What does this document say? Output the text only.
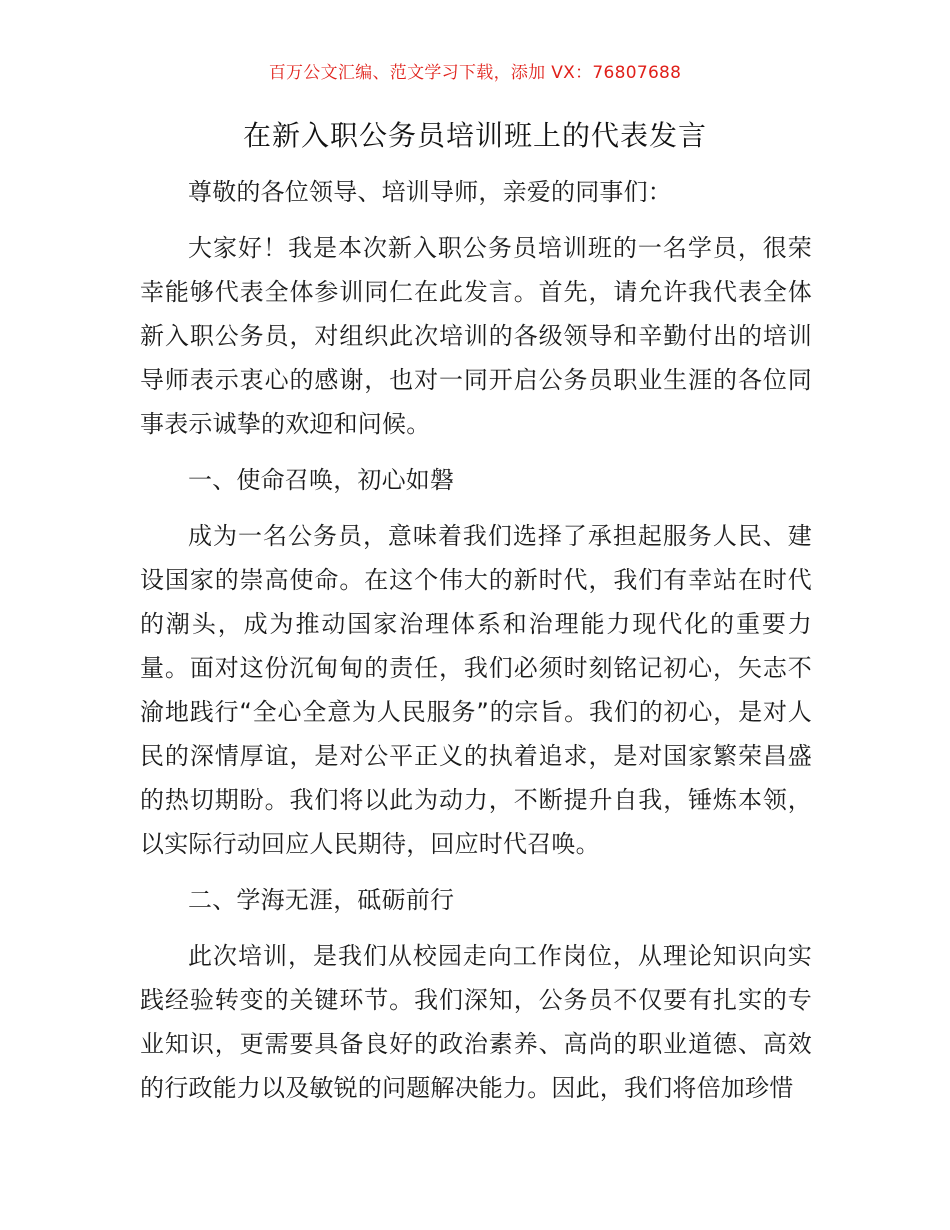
百万公文汇编、范文学习下载，添加 VX：76807688
在新入职公务员培训班上的代表发言

尊敬的各位领导、培训导师，亲爱的同事们：

大家好！我是本次新入职公务员培训班的一名学员，很荣幸能够代表全体参训同仁在此发言。首先，请允许我代表全体新入职公务员，对组织此次培训的各级领导和辛勤付出的培训导师表示衷心的感谢，也对一同开启公务员职业生涯的各位同事表示诚挚的欢迎和问候。

一、使命召唤，初心如磐

成为一名公务员，意味着我们选择了承担起服务人民、建设国家的崇高使命。在这个伟大的新时代，我们有幸站在时代的潮头，成为推动国家治理体系和治理能力现代化的重要力量。面对这份沉甸甸的责任，我们必须时刻铭记初心，矢志不渝地践行“全心全意为人民服务”的宗旨。我们的初心，是对人民的深情厚谊，是对公平正义的执着追求，是对国家繁荣昌盛的热切期盼。我们将以此为动力，不断提升自我，锤炼本领，以实际行动回应人民期待，回应时代召唤。

二、学海无涯，砥砺前行

此次培训，是我们从校园走向工作岗位，从理论知识向实践经验转变的关键环节。我们深知，公务员不仅要有扎实的专业知识，更需要具备良好的政治素养、高尚的职业道德、高效的行政能力以及敏锐的问题解决能力。因此，我们将倍加珍惜
